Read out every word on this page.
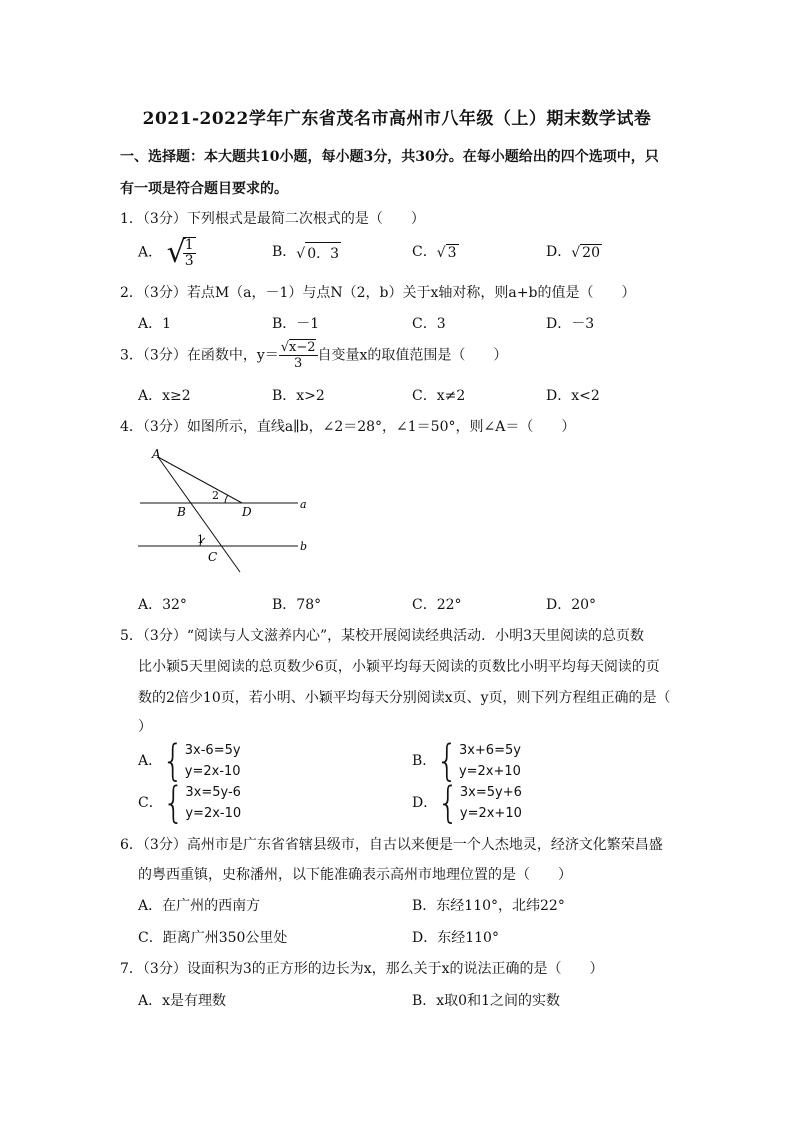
2021-2022学年广东省茂名市高州市八年级（上）期末数学试卷
一、选择题：本大题共10小题，每小题3分，共30分。在每小题给出的四个选项中，只
有一项是符合题目要求的。
1．（3分）下列根式是最简二次根式的是（　　）
A． √
$\frac{1}{3}$	B．√ 0．3	C．√ 3	D．√ 20
2．（3分）若点M（a，－1）与点N（2，b）关于x轴对称，则a+b的值是（　　）
A．1	B．－1	C．3	D．－3
3．（3分）在函数中，$y= \frac{√x-2}{3}$ 自变量x的取值范围是（　　）
A．x≥2	B．x>2	C．x≠2	D．x<2
4．（3分）如图所示，直线a∥b，∠2＝28°，∠1＝50°，则∠A＝（　　）
A
B
C
D
a
b
1
2
A．32°	B．78°	C．22°	D．20°
5．（3分）“阅读与人文滋养内心”，某校开展阅读经典活动．小明3天里阅读的总页数
比小颖5天里阅读的总页数少6页，小颖平均每天阅读的页数比小明平均每天阅读的页
数的2倍少10页，若小明、小颖平均每天分别阅读x页、y页，则下列方程组正确的是（
）
A． { 3x-6=5y
y=2x-10
B． { 3x+6=5y
y=2x+10
C． { 3x=5y-6
y=2x-10
D． { 3x=5y+6
y=2x+10
6．（3分）高州市是广东省省辖县级市，自古以来便是一个人杰地灵，经济文化繁荣昌盛
的粤西重镇，史称潘州，以下能准确表示高州市地理位置的是（　　）
A．在广州的西南方	B．东经110°，北纬22°
C．距离广州350公里处	D．东经110°
7．（3分）设面积为3的正方形的边长为x，那么关于x的说法正确的是（　　）
A．x是有理数	B．x取0和1之间的实数
